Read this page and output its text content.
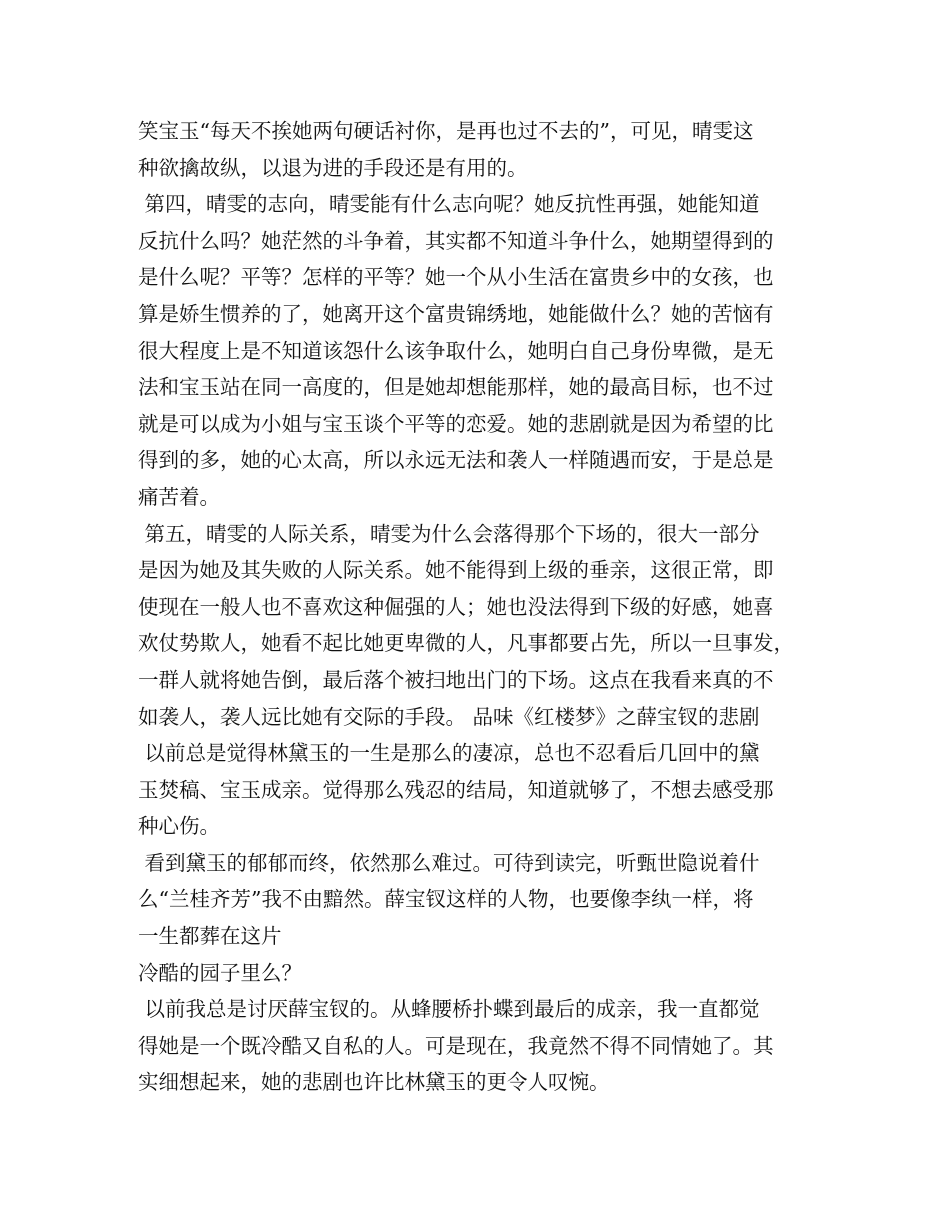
笑宝玉“每天不挨她两句硬话衬你，是再也过不去的”，可见，晴雯这
种欲擒故纵，以退为进的手段还是有用的。
第四，晴雯的志向，晴雯能有什么志向呢？她反抗性再强，她能知道
反抗什么吗？她茫然的斗争着，其实都不知道斗争什么，她期望得到的
是什么呢？平等？怎样的平等？她一个从小生活在富贵乡中的女孩，也
算是娇生惯养的了，她离开这个富贵锦绣地，她能做什么？她的苦恼有
很大程度上是不知道该怨什么该争取什么，她明白自己身份卑微，是无
法和宝玉站在同一高度的，但是她却想能那样，她的最高目标，也不过
就是可以成为小姐与宝玉谈个平等的恋爱。她的悲剧就是因为希望的比
得到的多，她的心太高，所以永远无法和袭人一样随遇而安，于是总是
痛苦着。
第五，晴雯的人际关系，晴雯为什么会落得那个下场的，很大一部分
是因为她及其失败的人际关系。她不能得到上级的垂亲，这很正常，即
使现在一般人也不喜欢这种倔强的人；她也没法得到下级的好感，她喜
欢仗势欺人，她看不起比她更卑微的人，凡事都要占先，所以一旦事发，
一群人就将她告倒，最后落个被扫地出门的下场。这点在我看来真的不
如袭人，袭人远比她有交际的手段。 品味《红楼梦》之薛宝钗的悲剧
以前总是觉得林黛玉的一生是那么的凄凉，总也不忍看后几回中的黛
玉焚稿、宝玉成亲。觉得那么残忍的结局，知道就够了，不想去感受那
种心伤。
看到黛玉的郁郁而终，依然那么难过。可待到读完，听甄世隐说着什
么“兰桂齐芳”我不由黯然。薛宝钗这样的人物，也要像李纨一样，将
一生都葬在这片
冷酷的园子里么？
以前我总是讨厌薛宝钗的。从蜂腰桥扑蝶到最后的成亲，我一直都觉
得她是一个既冷酷又自私的人。可是现在，我竟然不得不同情她了。其
实细想起来，她的悲剧也许比林黛玉的更令人叹惋。
